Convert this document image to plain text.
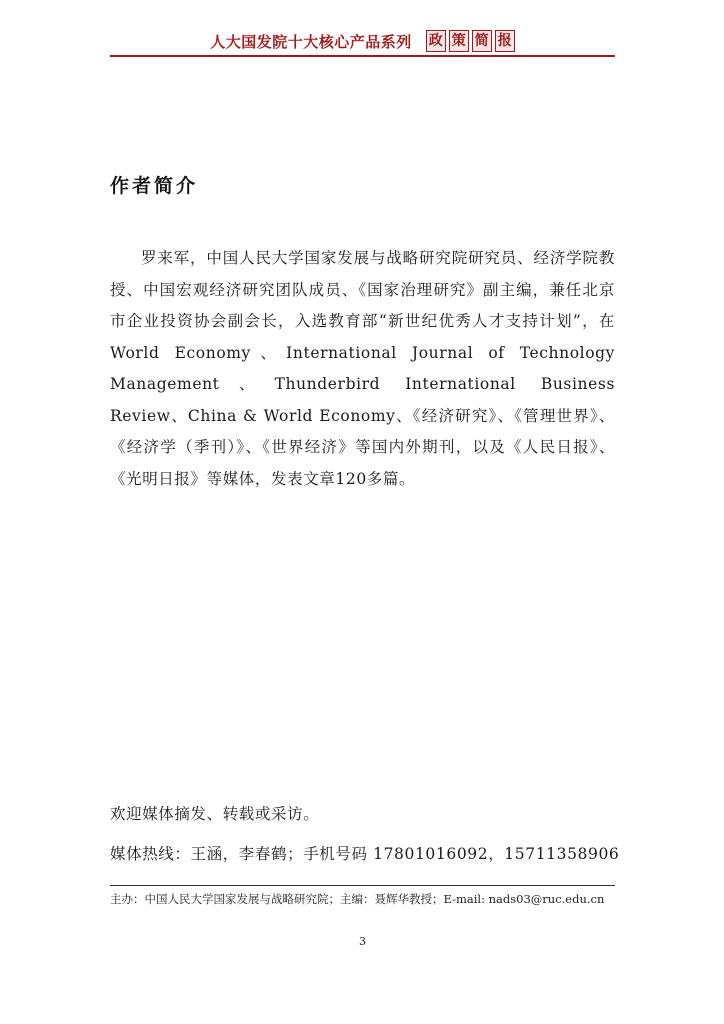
人大国发院十大核心产品系列 政 策 简 报
作者简介

罗来军，中国人民大学国家发展与战略研究院研究员、经济学院教授、中国宏观经济研究团队成员、《国家治理研究》副主编，兼任北京市企业投资协会副会长，入选教育部“新世纪优秀人才支持计划”，在World Economy、International Journal of Technology Management、Thunderbird International Business Review、China & World Economy、《经济研究》、《管理世界》、《经济学（季刊）》、《世界经济》等国内外期刊，以及《人民日报》、《光明日报》等媒体，发表文章120多篇。

欢迎媒体摘发、转载或采访。
媒体热线：王涵，李春鹤；手机号码 17801016092，15711358906
主办：中国人民大学国家发展与战略研究院；主编：聂辉华教授；E-mail: nads03@ruc.edu.cn
3
